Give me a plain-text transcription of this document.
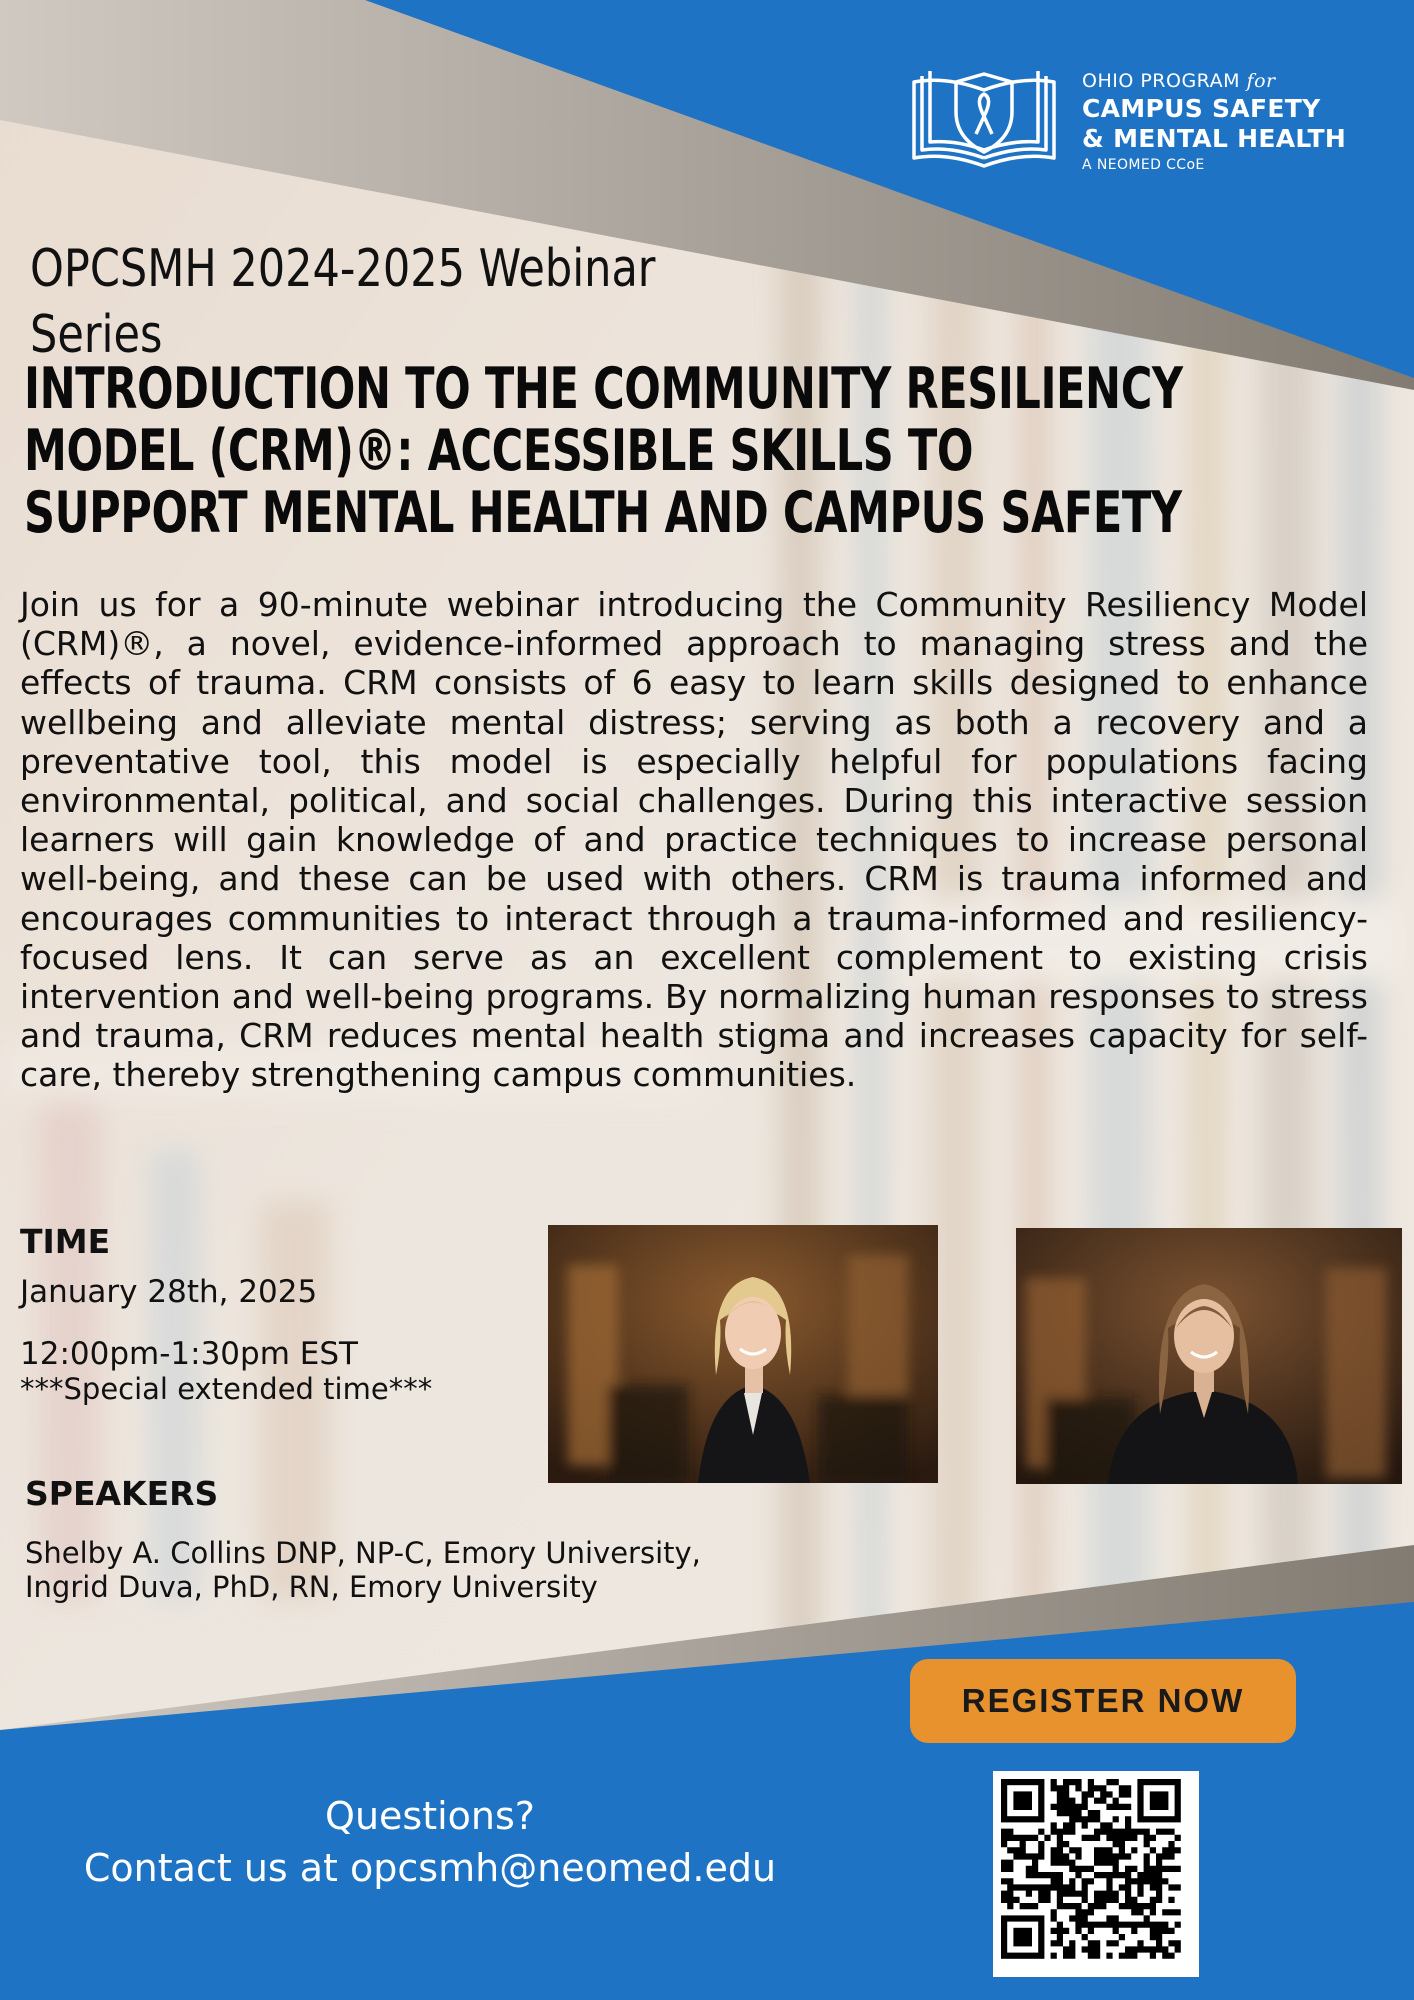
OHIO PROGRAM for
CAMPUS SAFETY
& MENTAL HEALTH
A NEOMED CCoE
OPCSMH 2024-2025 Webinar Series
INTRODUCTION TO THE COMMUNITY RESILIENCY MODEL (CRM)®: ACCESSIBLE SKILLS TO SUPPORT MENTAL HEALTH AND CAMPUS SAFETY

Join us for a 90-minute webinar introducing the Community Resiliency Model (CRM)®, a novel, evidence-informed approach to managing stress and the effects of trauma. CRM consists of 6 easy to learn skills designed to enhance wellbeing and alleviate mental distress; serving as both a recovery and a preventative tool, this model is especially helpful for populations facing environmental, political, and social challenges. During this interactive session learners will gain knowledge of and practice techniques to increase personal well-being, and these can be used with others. CRM is trauma informed and encourages communities to interact through a trauma-informed and resiliency-focused lens. It can serve as an excellent complement to existing crisis intervention and well-being programs. By normalizing human responses to stress and trauma, CRM reduces mental health stigma and increases capacity for self-care, thereby strengthening campus communities.

TIME
January 28th, 2025
12:00pm-1:30pm EST
***Special extended time***
SPEAKERS
Shelby A. Collins DNP, NP-C, Emory University,
Ingrid Duva, PhD, RN, Emory University
REGISTER NOW
Questions?
Contact us at opcsmh@neomed.edu
